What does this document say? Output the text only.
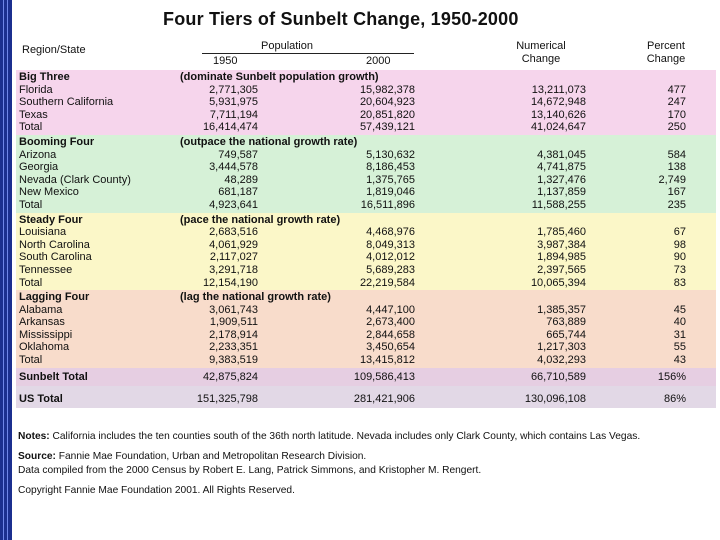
Four Tiers of Sunbelt Change, 1950-2000
Region/State	Population
1950	2000
Numerical
Change
Percent
Change
Big Three	(dominate Sunbelt population growth)
Florida	2,771,305	15,982,378	13,211,073	477
Southern California	5,931,975	20,604,923	14,672,948	247
Texas	7,711,194	20,851,820	13,140,626	170
Total	16,414,474	57,439,121	41,024,647	250
Booming Four	(outpace the national growth rate)
Arizona	749,587	5,130,632	4,381,045	584
Georgia	3,444,578	8,186,453	4,741,875	138
Nevada (Clark County)	48,289	1,375,765	1,327,476	2,749
New Mexico	681,187	1,819,046	1,137,859	167
Total	4,923,641	16,511,896	11,588,255	235
Steady Four	(pace the national growth rate)
Louisiana	2,683,516	4,468,976	1,785,460	67
North Carolina	4,061,929	8,049,313	3,987,384	98
South Carolina	2,117,027	4,012,012	1,894,985	90
Tennessee	3,291,718	5,689,283	2,397,565	73
Total	12,154,190	22,219,584	10,065,394	83
Lagging Four	(lag the national growth rate)
Alabama	3,061,743	4,447,100	1,385,357	45
Arkansas	1,909,511	2,673,400	763,889	40
Mississippi	2,178,914	2,844,658	665,744	31
Oklahoma	2,233,351	3,450,654	1,217,303	55
Total	9,383,519	13,415,812	4,032,293	43
Sunbelt Total	42,875,824	109,586,413	66,710,589	156%
US Total	151,325,798	281,421,906	130,096,108	86%

Notes: California includes the ten counties south of the 36th north latitude. Nevada includes only Clark County, which contains Las Vegas.

Source: Fannie Mae Foundation, Urban and Metropolitan Research Division.
Data compiled from the 2000 Census by Robert E. Lang, Patrick Simmons, and Kristopher M. Rengert.

Copyright Fannie Mae Foundation 2001. All Rights Reserved.
